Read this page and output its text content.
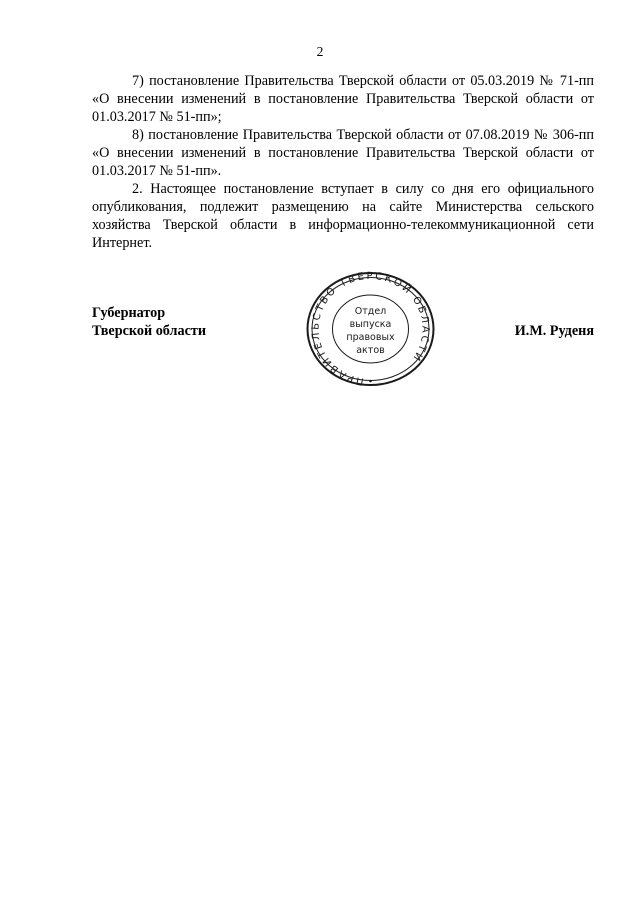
2

7) постановление Правительства Тверской области от 05.03.2019 № 71-пп «О внесении изменений в постановление Правительства Тверской области от 01.03.2017 № 51-пп»;

8) постановление Правительства Тверской области от 07.08.2019 № 306-пп «О внесении изменений в постановление Правительства Тверской области от 01.03.2017 № 51-пп».

2. Настоящее постановление вступает в силу со дня его официального опубликования, подлежит размещению на сайте Министерства сельского хозяйства Тверской области в информационно-телекоммуникационной сети Интернет.

Губернатор
Тверской области	И.М. Руденя
ПРАВИТЕЛЬСТВО ТВЕРСКОЙ ОБЛАСТИ
Отдел
выпуска
правовых
актов
